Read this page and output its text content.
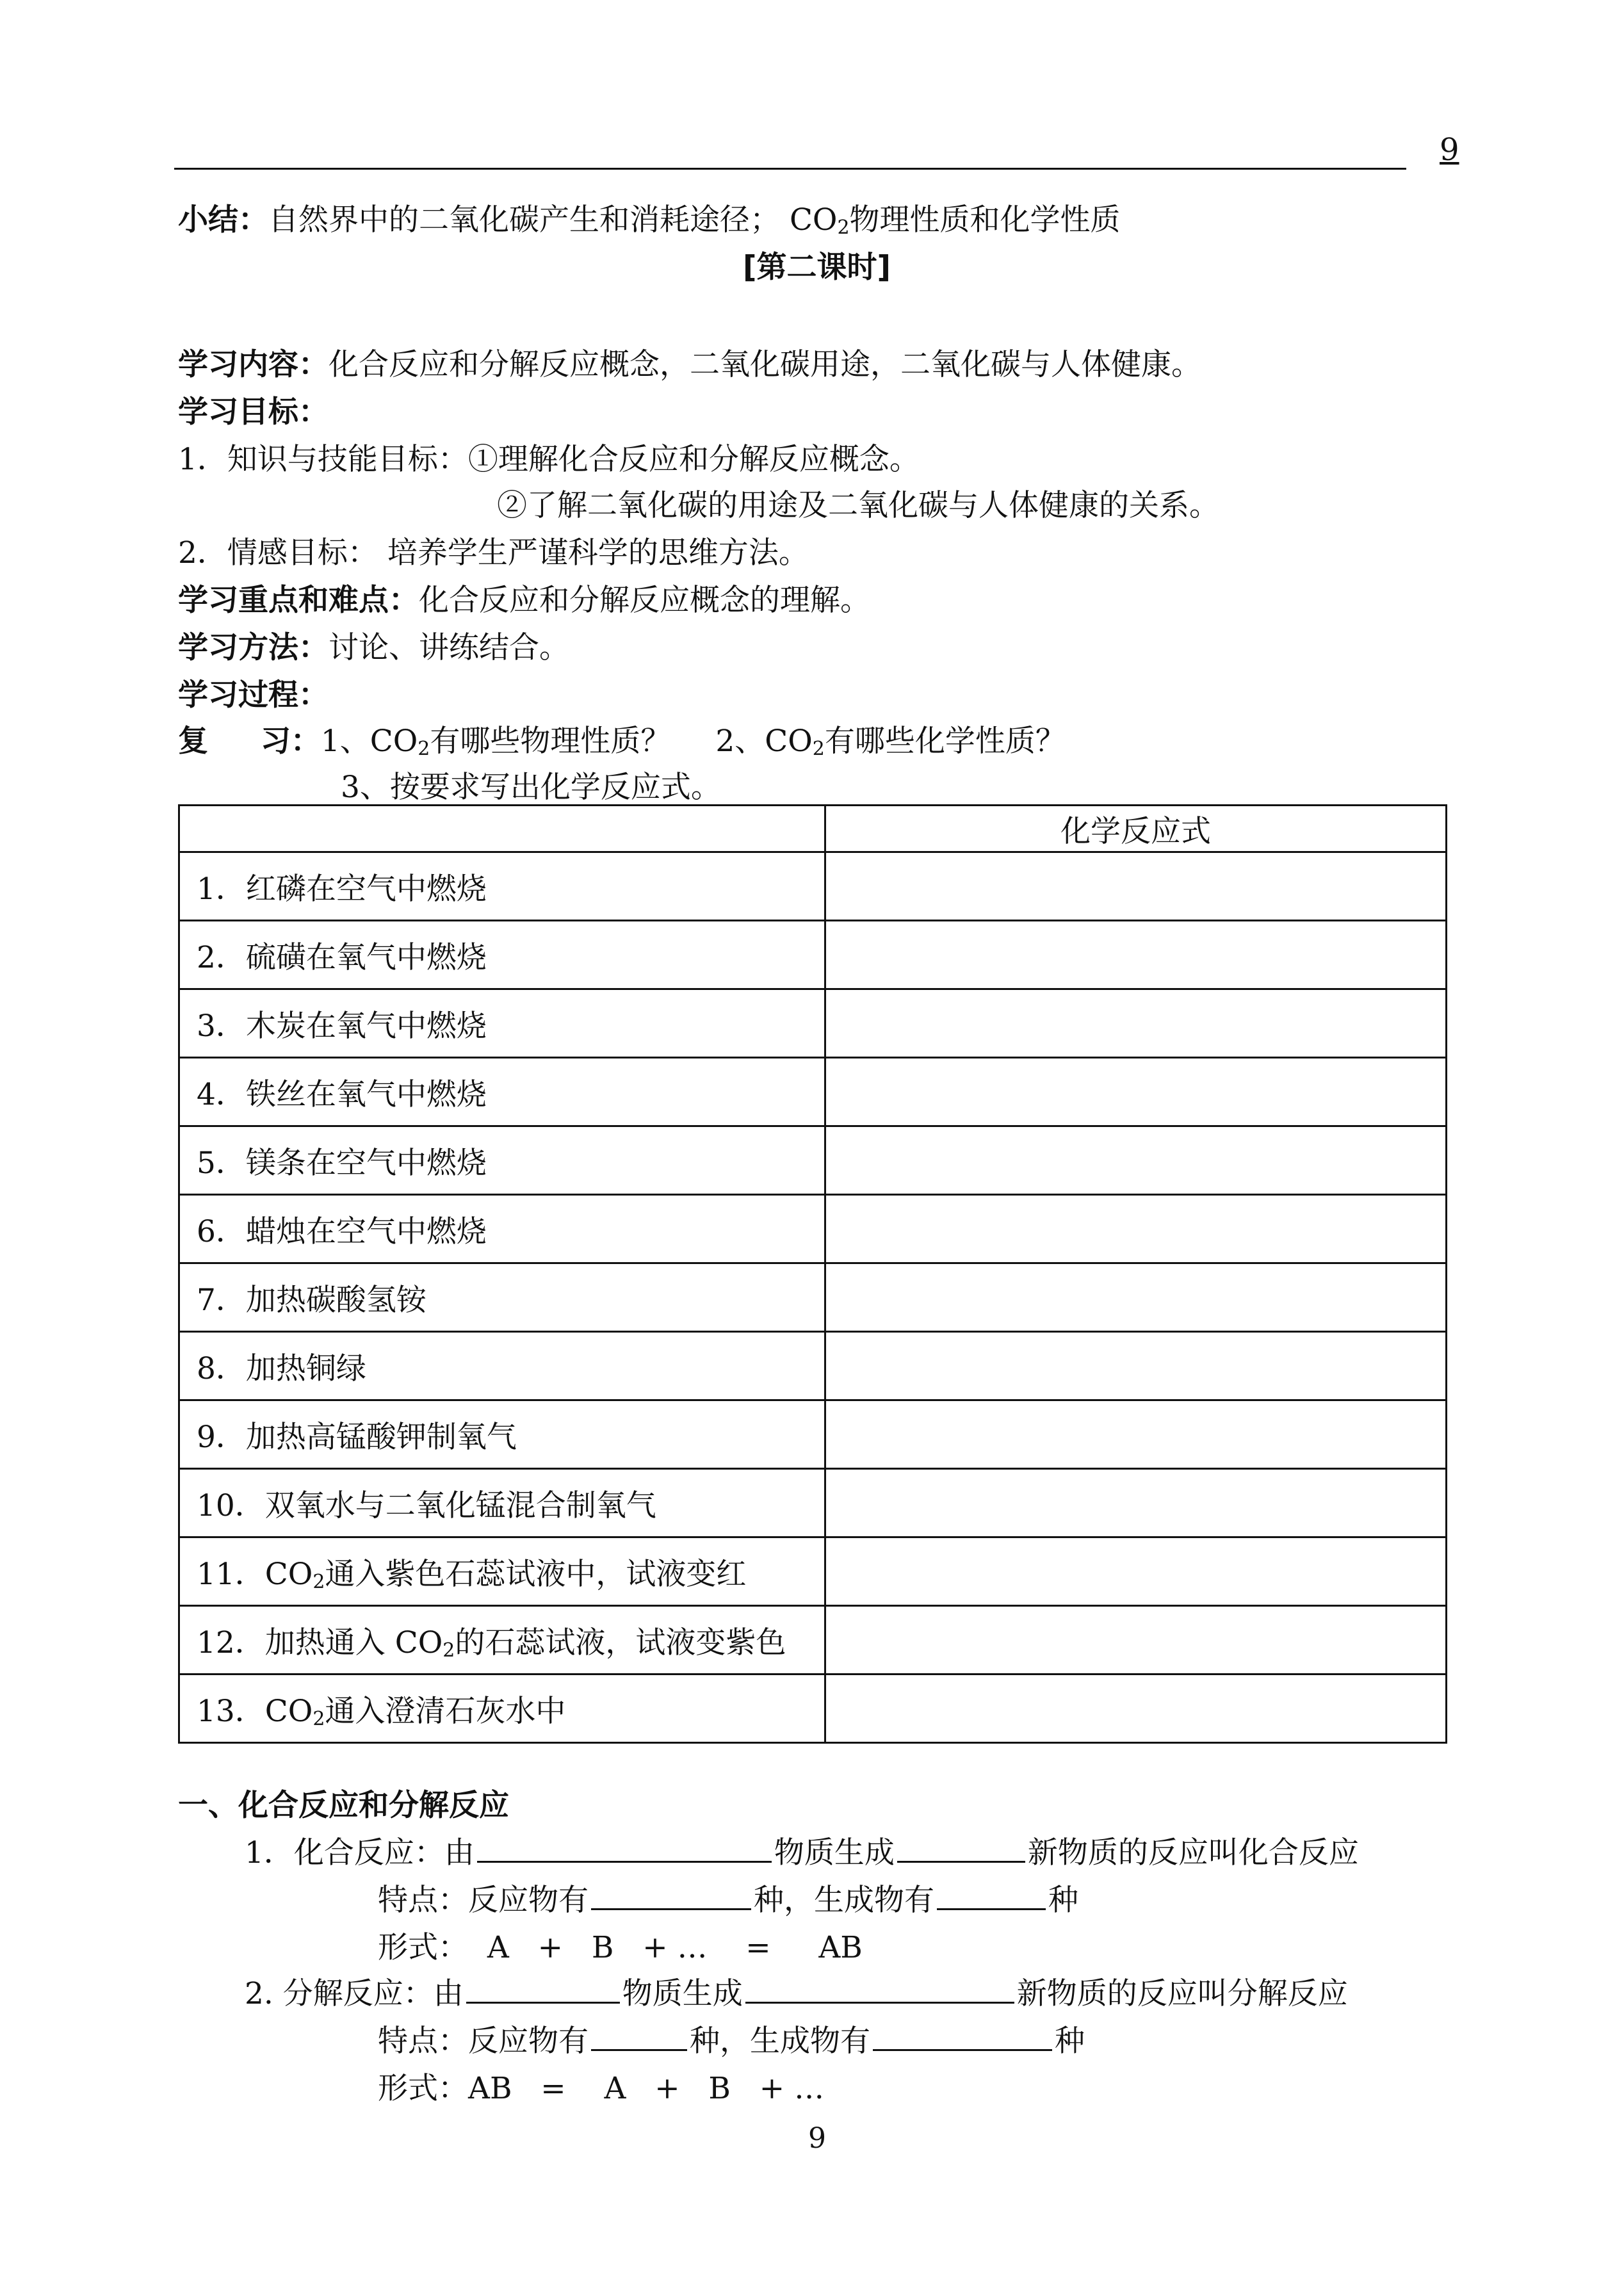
9
小结：自然界中的二氧化碳产生和消耗途径； $CO_2$物理性质和化学性质
[第二课时]
学习内容：化合反应和分解反应概念，二氧化碳用途，二氧化碳与人体健康。
学习目标：
1．知识与技能目标：①理解化合反应和分解反应概念。
②了解二氧化碳的用途及二氧化碳与人体健康的关系。
2．情感目标： 培养学生严谨科学的思维方法。
学习重点和难点：化合反应和分解反应概念的理解。
学习方法：讨论、讲练结合。
学习过程：
复     习：1、$CO_2$有哪些物理性质？ 2、$CO_2$有哪些化学性质？
3、按要求写出化学反应式。
	化学反应式
1．红磷在空气中燃烧	
2．硫磺在氧气中燃烧	
3．木炭在氧气中燃烧	
4．铁丝在氧气中燃烧	
5．镁条在空气中燃烧	
6．蜡烛在空气中燃烧	
7．加热碳酸氢铵	
8．加热铜绿	
9．加热高锰酸钾制氧气	
10．双氧水与二氧化锰混合制氧气	
11．$CO_2$通入紫色石蕊试液中，试液变红	
12．加热通入 $CO_2$的石蕊试液，试液变紫色	
13．$CO_2$通入澄清石灰水中	
一、化合反应和分解反应
1．化合反应：由	物质生成	新物质的反应叫化合反应
特点：反应物有	种，生成物有	种
形式：  A   +   B   + …    =     AB
2. 分解反应：由	物质生成	新物质的反应叫分解反应
特点：反应物有	种，生成物有	种
形式：AB   =    A   +   B   + …
9
